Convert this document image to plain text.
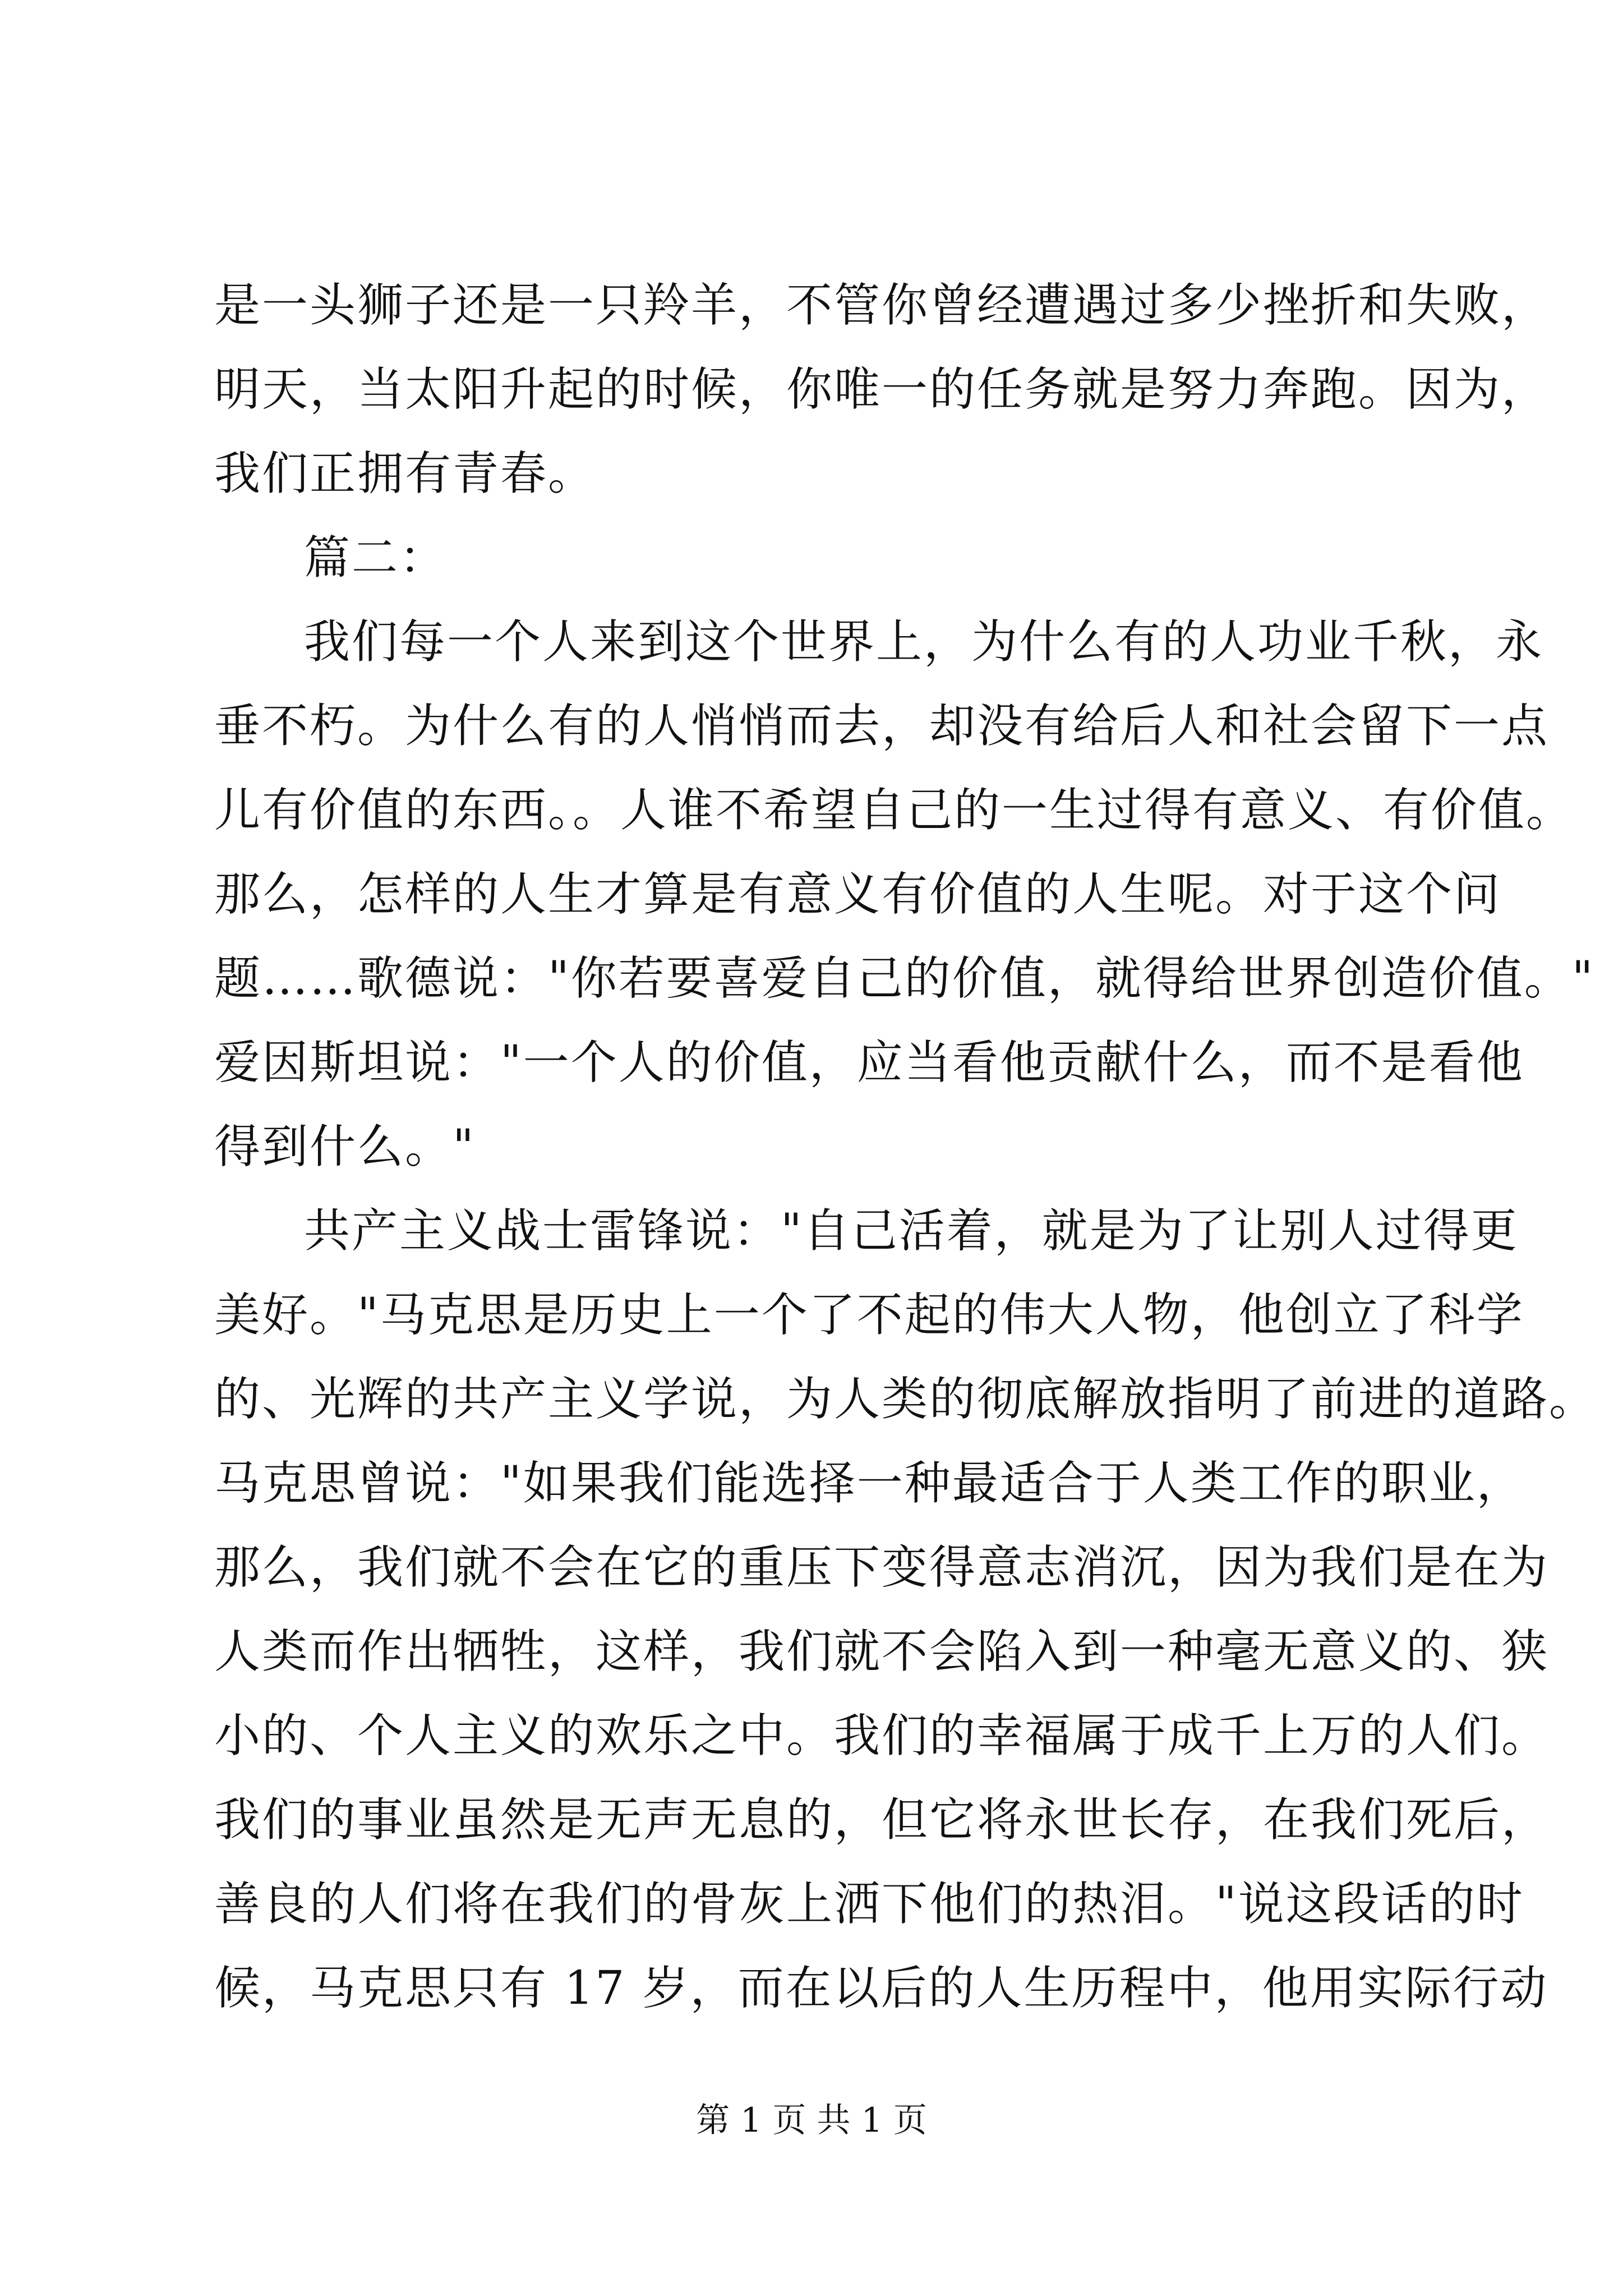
是一头狮子还是一只羚羊，不管你曾经遭遇过多少挫折和失败，
明天，当太阳升起的时候，你唯一的任务就是努力奔跑。因为，
我们正拥有青春。
篇二：
我们每一个人来到这个世界上，为什么有的人功业千秋，永
垂不朽。为什么有的人悄悄而去，却没有给后人和社会留下一点
儿有价值的东西。。人谁不希望自己的一生过得有意义、有价值。
那么，怎样的人生才算是有意义有价值的人生呢。对于这个问
题……歌德说："你若要喜爱自己的价值，就得给世界创造价值。"
爱因斯坦说："一个人的价值，应当看他贡献什么，而不是看他
得到什么。"
共产主义战士雷锋说："自己活着，就是为了让别人过得更
美好。"马克思是历史上一个了不起的伟大人物，他创立了科学
的、光辉的共产主义学说，为人类的彻底解放指明了前进的道路。
马克思曾说："如果我们能选择一种最适合于人类工作的职业，
那么，我们就不会在它的重压下变得意志消沉，因为我们是在为
人类而作出牺牲，这样，我们就不会陷入到一种毫无意义的、狭
小的、个人主义的欢乐之中。我们的幸福属于成千上万的人们。
我们的事业虽然是无声无息的，但它将永世长存，在我们死后，
善良的人们将在我们的骨灰上洒下他们的热泪。"说这段话的时
候，马克思只有 17 岁，而在以后的人生历程中，他用实际行动
第 1 页 共 1 页
